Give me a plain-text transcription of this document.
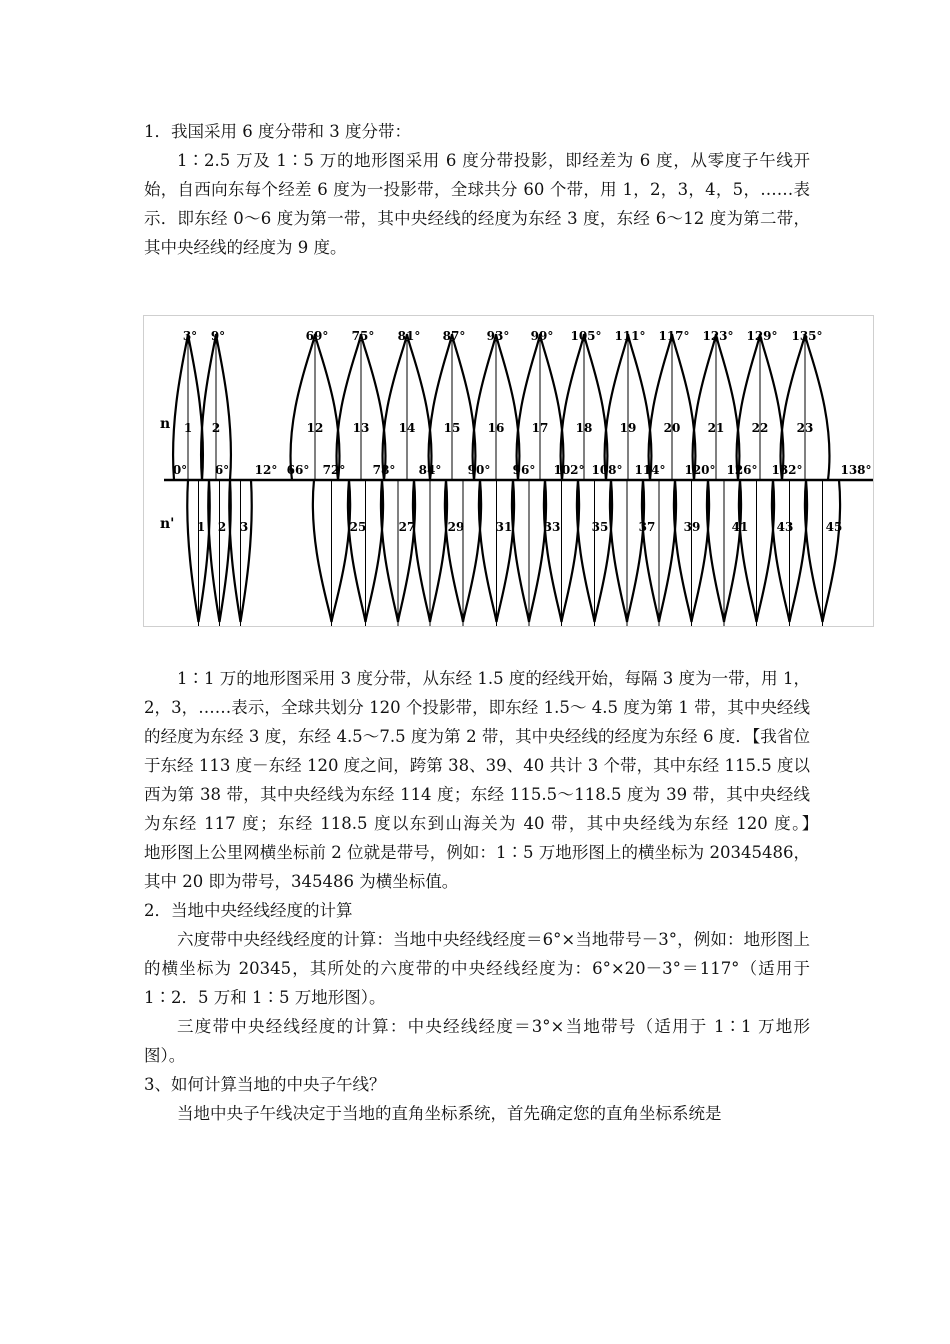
1．我国采用 6 度分带和 3 度分带：

1∶2.5 万及 1∶5 万的地形图采用 6 度分带投影，即经差为 6 度，从零度子午线开始，自西向东每个经差 6 度为一投影带，全球共分 60 个带，用 1，2，3，4，5，……表示．即东经 0～6 度为第一带，其中央经线的经度为东经 3 度，东经 6～12 度为第二带，其中央经线的经度为 9 度。

3°
1
9°
2
69°
12
75°
13
81°
14
87°
15
93°
16
99°
17
105°
18
111°
19
117°
20
123°
21
129°
22
135°
23
1 2 3	25	27	29	31	33	35	37 39	41 43	45
0° 6° 12° 66° 72° 78° 84° 90° 96° 102° 108° 114° 120° 126° 132°	138°
n
n'

1∶1 万的地形图采用 3 度分带，从东经 1.5 度的经线开始，每隔 3 度为一带，用 1，2，3，……表示，全球共划分 120 个投影带，即东经 1.5～ 4.5 度为第 1 带，其中央经线的经度为东经 3 度，东经 4.5～7.5 度为第 2 带，其中央经线的经度为东经 6 度．【我省位于东经 113 度－东经 120 度之间，跨第 38、39、40 共计 3 个带，其中东经 115.5 度以西为第 38 带，其中央经线为东经 114 度；东经 115.5～118.5 度为 39 带，其中央经线为东经 117 度；东经 118.5 度以东到山海关为 40 带，其中央经线为东经 120 度。】　　地形图上公里网横坐标前 2 位就是带号，例如：1∶5 万地形图上的横坐标为 20345486，其中 20 即为带号，345486 为横坐标值。

2．当地中央经线经度的计算

六度带中央经线经度的计算：当地中央经线经度＝6°×当地带号－3°，例如：地形图上的横坐标为 20345，其所处的六度带的中央经线经度为：6°×20－3°＝117°（适用于 1∶2．5 万和 1∶5 万地形图）。

三度带中央经线经度的计算：中央经线经度＝3°×当地带号（适用于 1∶1 万地形图）。

3、如何计算当地的中央子午线？

当地中央子午线决定于当地的直角坐标系统，首先确定您的直角坐标系统是
